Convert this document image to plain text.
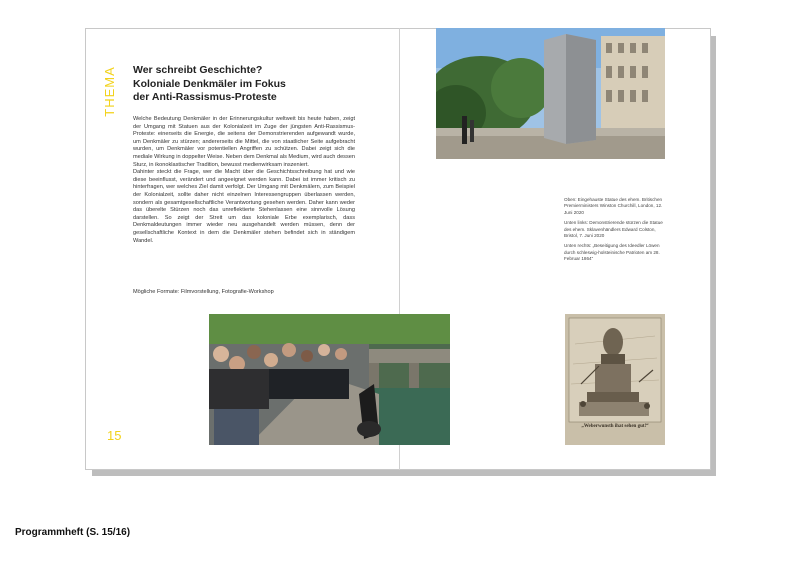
THEMA Wer schreibt Geschichte?
Koloniale Denkmäler im Fokus
der Anti-Rassismus-Proteste

Welche Bedeutung Denkmäler in der Erinnerungskultur weltweit bis heute haben, zeigt der Umgang mit Statuen aus der Kolonialzeit im Zuge der jüngsten Anti-Rassismus-Proteste: einerseits die Energie, die seitens der Demonstrierenden aufgewandt wurde, um Denkmäler zu stürzen; andererseits die Mittel, die von staatlicher Seite aufgebracht wurden, um Denkmäler vor potentiellen Angriffen zu schützen. Dabei zeigt sich die mediale Wirkung in doppelter Weise. Neben dem Denkmal als Medium, wird auch dessen Sturz, in ikonoklastischer Tradition, bewusst medienwirksam inszeniert.

Dahinter steckt die Frage, wer die Macht über die Geschichtsschreibung hat und wie diese beeinflusst, verändert und angeeignet werden kann. Dabei ist immer kritisch zu hinterfragen, wer welches Ziel damit verfolgt. Der Umgang mit Denkmälern, zum Beispiel der Kolonialzeit, sollte daher nicht einzelnen Interessengruppen überlassen werden, sondern als gesamtgesellschaftliche Verantwortung gesehen werden. Daher kann weder das überelte Stürzen noch das unreflektierte Stehenlassen eine sinnvolle Lösung darstellen. So zeigt der Streit um das koloniale Erbe exemplarisch, dass Denkmaldeutungen immer wieder neu ausgehandelt werden müssen, denn der gesellschaftliche Kontext in dem die Denkmäler stehen befindet sich in ständigem Wandel.

Mögliche Formate: Filmvorstellung, Fotografie-Workshop
15
„Weberwunsth ihat sehen gut!“

Oben: Eingehauste Statue des ehem. Britischen Premierministers Winston Churchill, London, 12. Juni 2020

Unten links: Demonstrierende stürzen die Statue des ehem. Sklavenhändlers Edward Colston, Bristol, 7. Juni 2020

Unten rechts: „Beseitigung des Ideedler Löwen durch schleswig-holsteinische Patrioten am 28. Februar 1864“

Programmheft (S. 15/16)
